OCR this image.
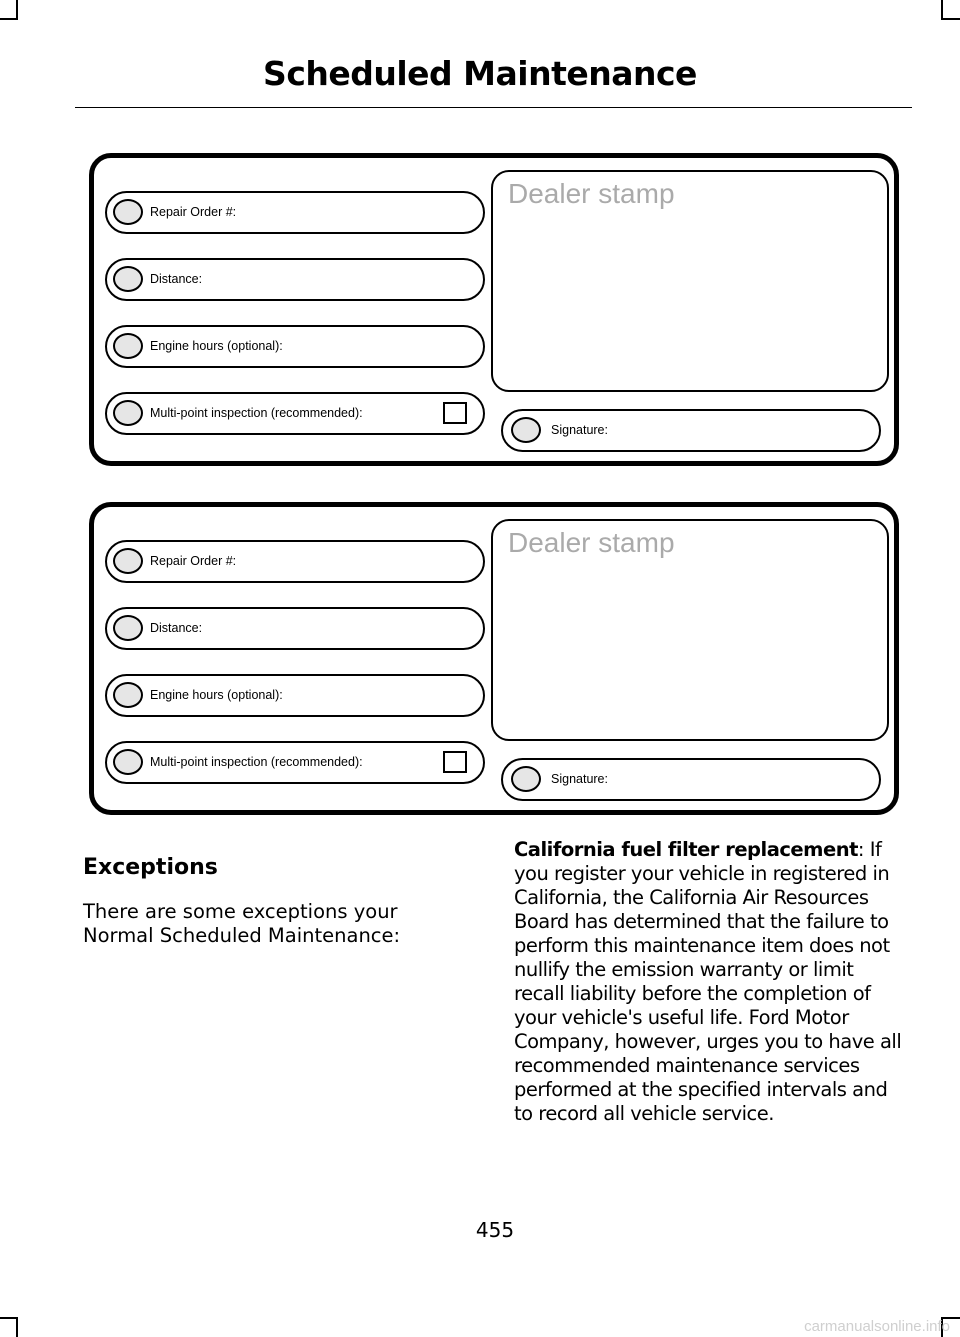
Scheduled Maintenance
Repair Order #:
Distance:
Engine hours (optional):
Multi-point inspection (recommended):
Dealer stamp
Signature:
Repair Order #:
Distance:
Engine hours (optional):
Multi-point inspection (recommended):
Dealer stamp
Signature:
Exceptions
There are some exceptions your Normal Scheduled Maintenance:
California fuel filter replacement: If you register your vehicle in registered in California, the California Air Resources Board has determined that the failure to perform this maintenance item does not nullify the emission warranty or limit recall liability before the completion of your vehicle's useful life. Ford Motor Company, however, urges you to have all recommended maintenance services performed at the specified intervals and to record all vehicle service.
455
carmanualsonline.info
